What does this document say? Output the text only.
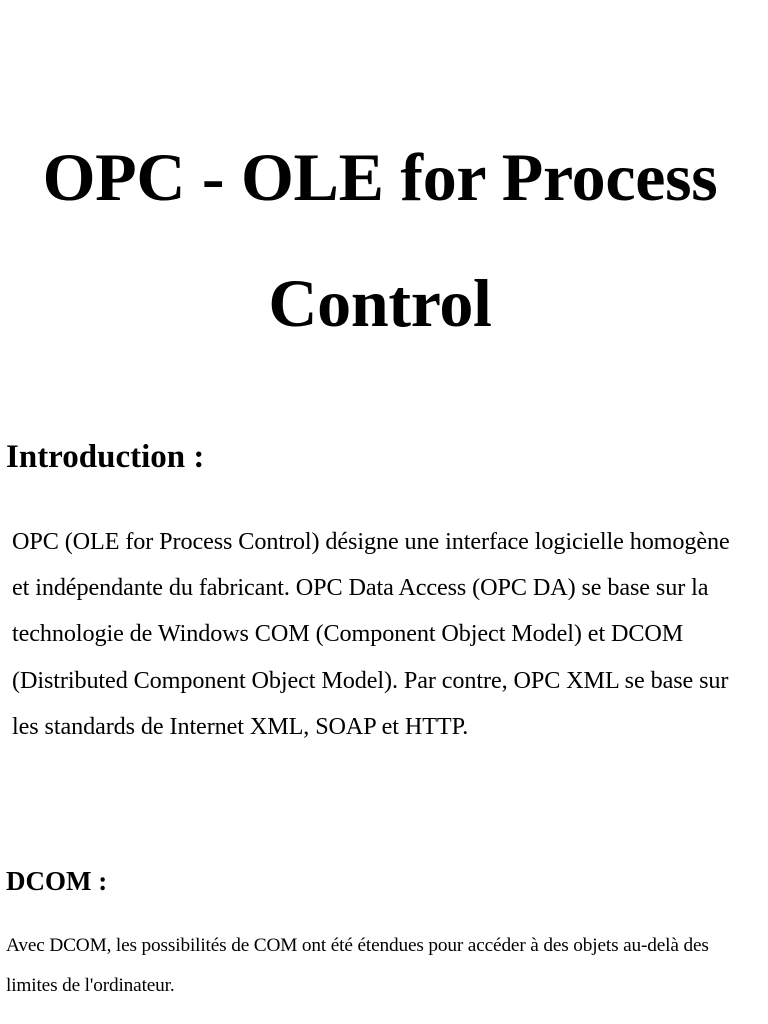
OPC - OLE for Process Control
Introduction :

OPC (OLE for Process Control) désigne une interface logicielle homogène et indépendante du fabricant. OPC Data Access (OPC DA) se base sur la technologie de Windows COM (Component Object Model) et DCOM (Distributed Component Object Model). Par contre, OPC XML se base sur les standards de Internet XML, SOAP et HTTP.

DCOM :

Avec DCOM, les possibilités de COM ont été étendues pour accéder à des objets au-delà des limites de l'ordinateur.
